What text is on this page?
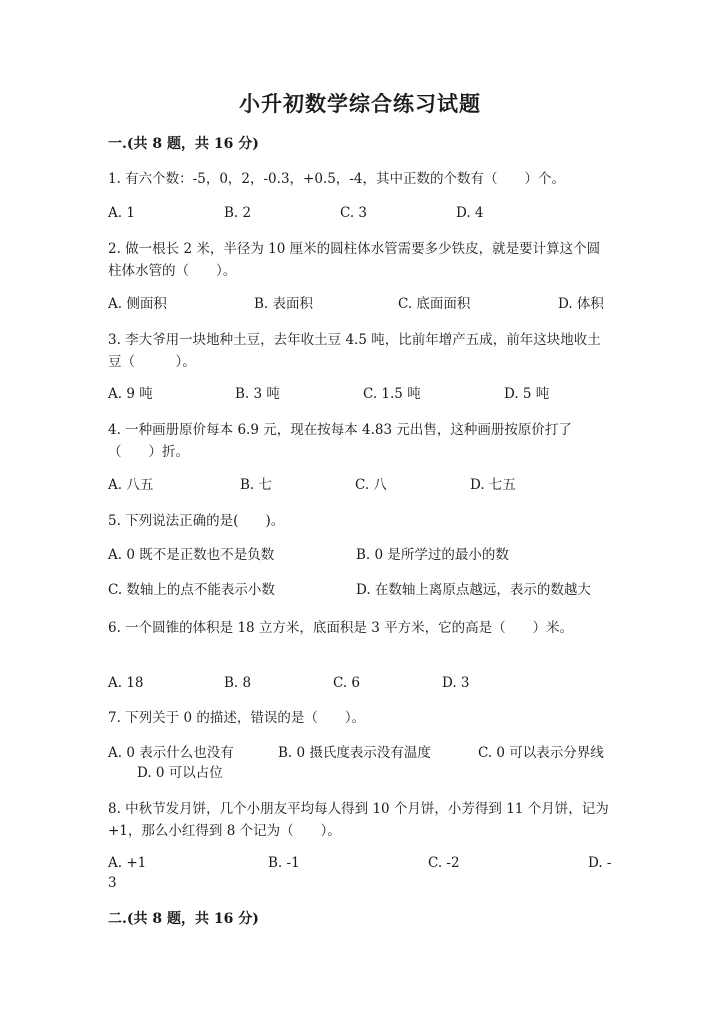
小升初数学综合练习试题
一.(共 8 题，共 16 分)
1. 有六个数：-5，0，2，-0.3，+0.5，-4，其中正数的个数有（　　）个。
A. 1	B. 2	C. 3	D. 4
2. 做一根长 2 米，半径为 10 厘米的圆柱体水管需要多少铁皮，就是要计算这个圆柱体水管的（　　）。
A. 侧面积	B. 表面积	C. 底面面积	D. 体积
3. 李大爷用一块地种土豆，去年收土豆 4.5 吨，比前年增产五成，前年这块地收土豆（　　　）。
A. 9 吨	B. 3 吨	C. 1.5 吨	D. 5 吨
4. 一种画册原价每本 6.9 元，现在按每本 4.83 元出售，这种画册按原价打了（　　）折。
A. 八五	B. 七	C. 八	D. 七五
5. 下列说法正确的是(　　)。
A. 0 既不是正数也不是负数	B. 0 是所学过的最小的数
C. 数轴上的点不能表示小数	D. 在数轴上离原点越远，表示的数越大
6. 一个圆锥的体积是 18 立方米，底面积是 3 平方米，它的高是（　　）米。
A. 18	B. 8	C. 6	D. 3
7. 下列关于 0 的描述，错误的是（　　）。
A. 0 表示什么也没有	B. 0 摄氏度表示没有温度	C. 0 可以表示分界线
D. 0 可以占位
8. 中秋节发月饼，几个小朋友平均每人得到 10 个月饼，小芳得到 11 个月饼，记为+1，那么小红得到 8 个记为（　　）。
A. +1	B. -1	C. -2	D. -
3
二.(共 8 题，共 16 分)
